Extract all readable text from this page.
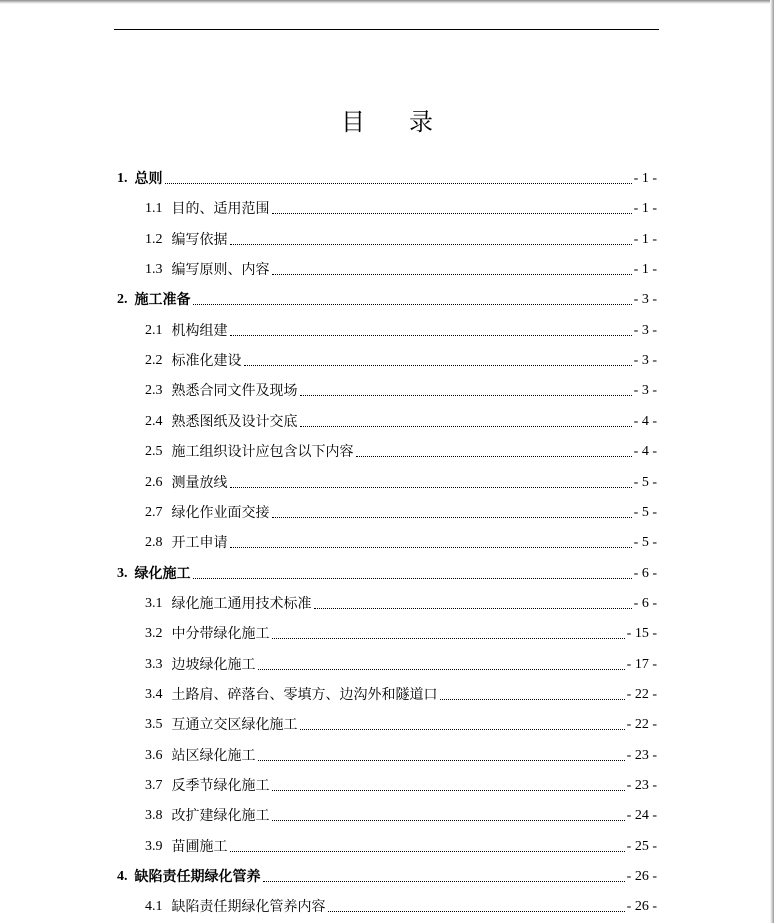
目 录
1. 总则	- 1 -
1.1 目的、适用范围	- 1 -
1.2 编写依据	- 1 -
1.3 编写原则、内容	- 1 -
2. 施工准备	- 3 -
2.1 机构组建	- 3 -
2.2 标准化建设	- 3 -
2.3 熟悉合同文件及现场	- 3 -
2.4 熟悉图纸及设计交底	- 4 -
2.5 施工组织设计应包含以下内容	- 4 -
2.6 测量放线	- 5 -
2.7 绿化作业面交接	- 5 -
2.8 开工申请	- 5 -
3. 绿化施工	- 6 -
3.1 绿化施工通用技术标准	- 6 -
3.2 中分带绿化施工	- 15 -
3.3 边坡绿化施工	- 17 -
3.4 土路肩、碎落台、零填方、边沟外和隧道口	- 22 -
3.5 互通立交区绿化施工	- 22 -
3.6 站区绿化施工	- 23 -
3.7 反季节绿化施工	- 23 -
3.8 改扩建绿化施工	- 24 -
3.9 苗圃施工	- 25 -
4. 缺陷责任期绿化管养	- 26 -
4.1 缺陷责任期绿化管养内容	- 26 -
